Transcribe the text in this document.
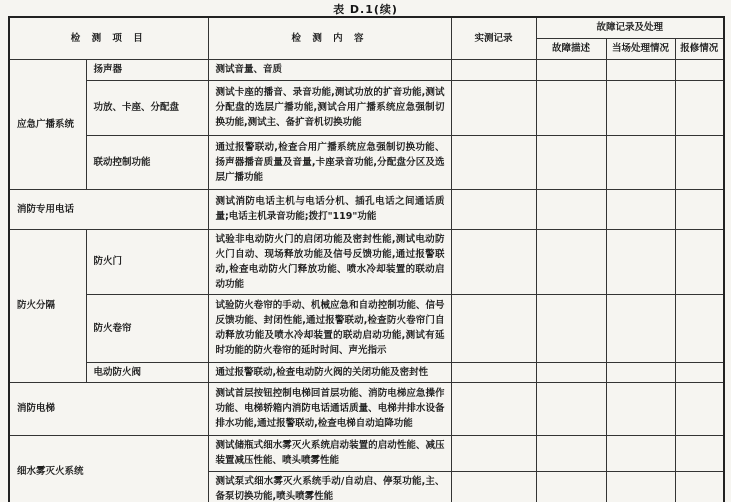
表 D.1(续)
检 测 项 目		检 测 内 容	实测记录	故障记录及处理		
				故障描述	当场处理情况	报修情况
应急广播系统	扬声器	测试音量、音质				
	功放、卡座、分配盘	测试卡座的播音、录音功能,测试功放的扩音功能,测试分配盘的选层广播功能,测试合用广播系统应急强制切换功能,测试主、备扩音机切换功能				
	联动控制功能	通过报警联动,检查合用广播系统应急强制切换功能、扬声器播音质量及音量,卡座录音功能,分配盘分区及选层广播功能				
消防专用电话		测试消防电话主机与电话分机、插孔电话之间通话质量;电话主机录音功能;拨打"119"功能				
防火分隔	防火门	试验非电动防火门的启闭功能及密封性能,测试电动防火门自动、现场释放功能及信号反馈功能,通过报警联动,检查电动防火门释放功能、喷水冷却装置的联动启动功能				
	防火卷帘	试验防火卷帘的手动、机械应急和自动控制功能、信号反馈功能、封闭性能,通过报警联动,检查防火卷帘门自动释放功能及喷水冷却装置的联动启动功能,测试有延时功能的防火卷帘的延时时间、声光指示				
	电动防火阀	通过报警联动,检查电动防火阀的关闭功能及密封性				
消防电梯		测试首层按钮控制电梯回首层功能、消防电梯应急操作功能、电梯轿箱内消防电话通话质量、电梯井排水设备排水功能,通过报警联动,检查电梯自动迫降功能				
细水雾灭火系统		测试储瓶式细水雾灭火系统启动装置的启动性能、减压装置减压性能、喷头喷雾性能				
		测试泵式细水雾灭火系统手动/自动启、停泵功能,主、备泵切换功能,喷头喷雾性能				
